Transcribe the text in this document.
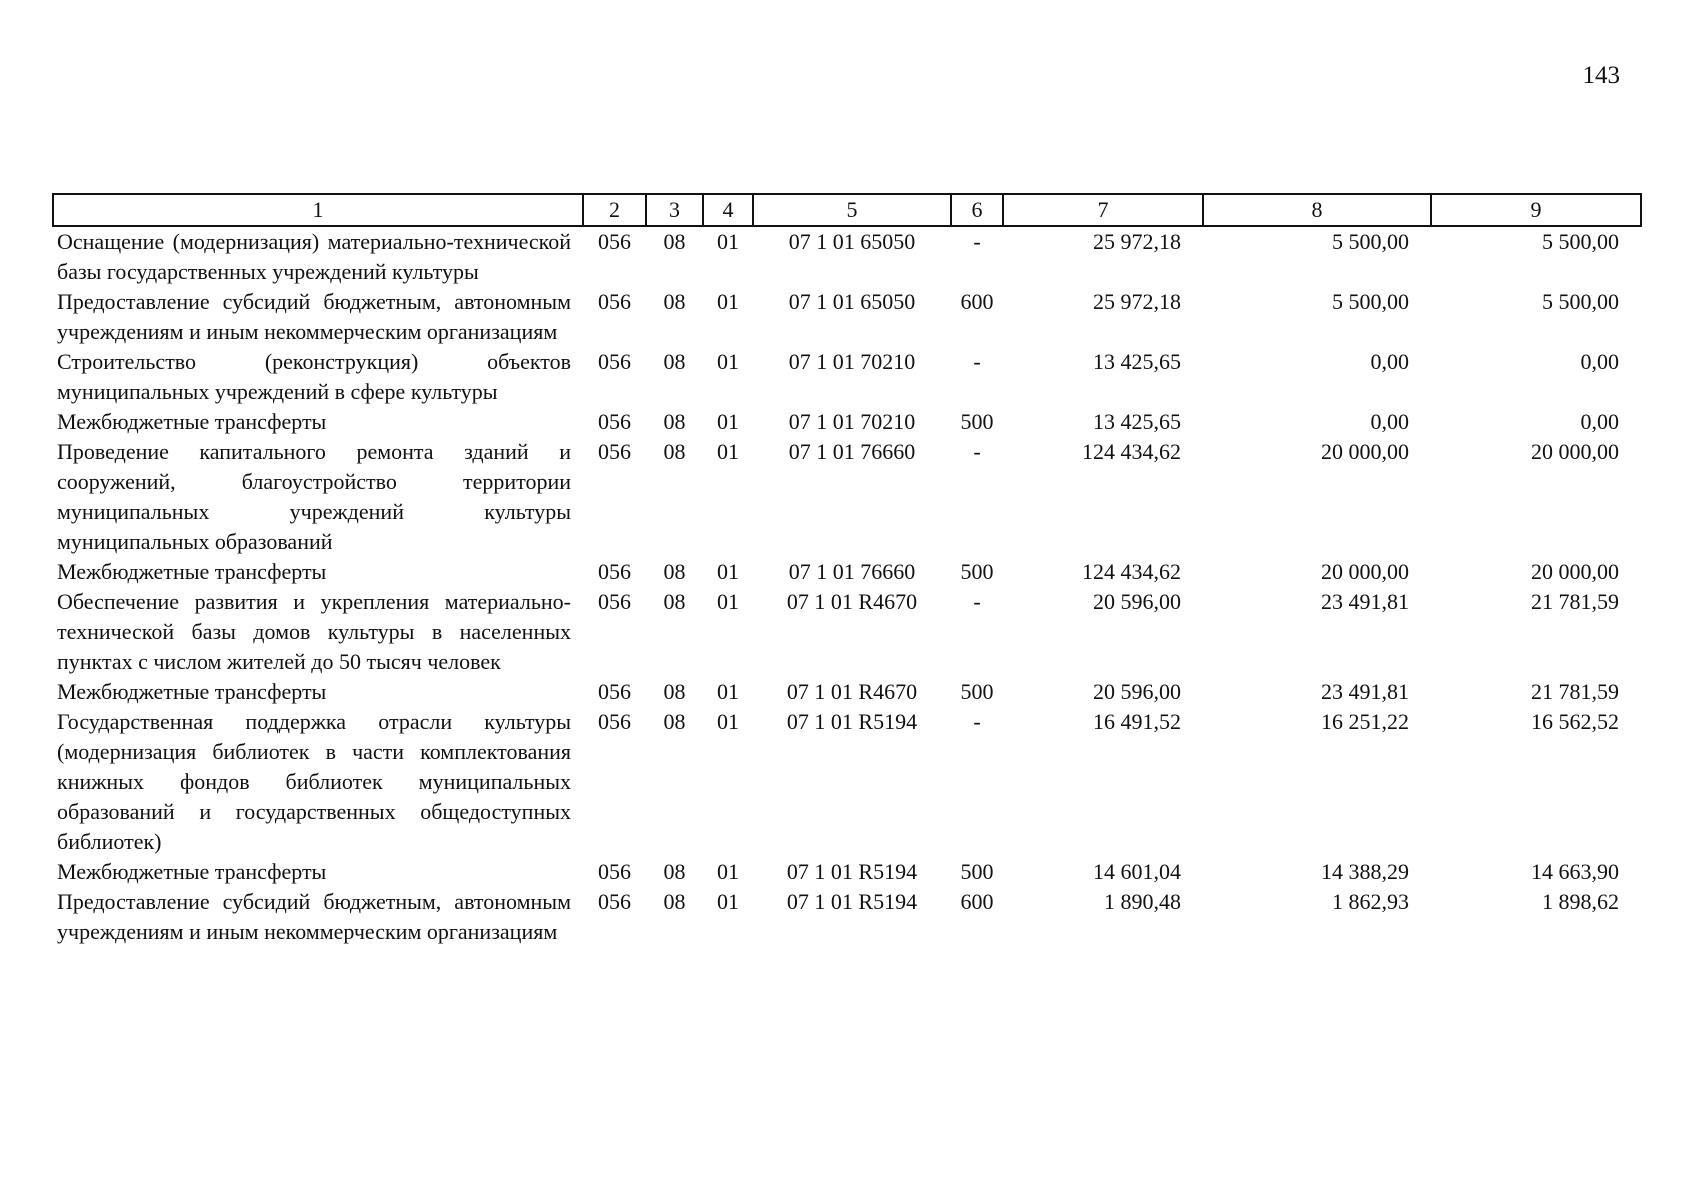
143
1	2	3	4	5	6	7	8	9
Оснащение (модернизация) материально-технической базы государственных учреждений культуры	056	08	01	07 1 01 65050	-	25 972,18	5 500,00	5 500,00
Предоставление субсидий бюджетным, автономным учреждениям и иным некоммерческим организациям	056	08	01	07 1 01 65050	600	25 972,18	5 500,00	5 500,00
Строительство (реконструкция) объектов муниципальных учреждений в сфере культуры	056	08	01	07 1 01 70210	-	13 425,65	0,00	0,00
Межбюджетные трансферты	056	08	01	07 1 01 70210	500	13 425,65	0,00	0,00
Проведение капитального ремонта зданий и сооружений, благоустройство территории муниципальных учреждений культуры муниципальных образований	056	08	01	07 1 01 76660	-	124 434,62	20 000,00	20 000,00
Межбюджетные трансферты	056	08	01	07 1 01 76660	500	124 434,62	20 000,00	20 000,00
Обеспечение развития и укрепления материально-технической базы домов культуры в населенных пунктах с числом жителей до 50 тысяч человек	056	08	01	07 1 01 R4670	-	20 596,00	23 491,81	21 781,59
Межбюджетные трансферты	056	08	01	07 1 01 R4670	500	20 596,00	23 491,81	21 781,59
Государственная поддержка отрасли культуры (модернизация библиотек в части комплектования книжных фондов библиотек муниципальных образований и государственных общедоступных библиотек)	056	08	01	07 1 01 R5194	-	16 491,52	16 251,22	16 562,52
Межбюджетные трансферты	056	08	01	07 1 01 R5194	500	14 601,04	14 388,29	14 663,90
Предоставление субсидий бюджетным, автономным учреждениям и иным некоммерческим организациям	056	08	01	07 1 01 R5194	600	1 890,48	1 862,93	1 898,62
